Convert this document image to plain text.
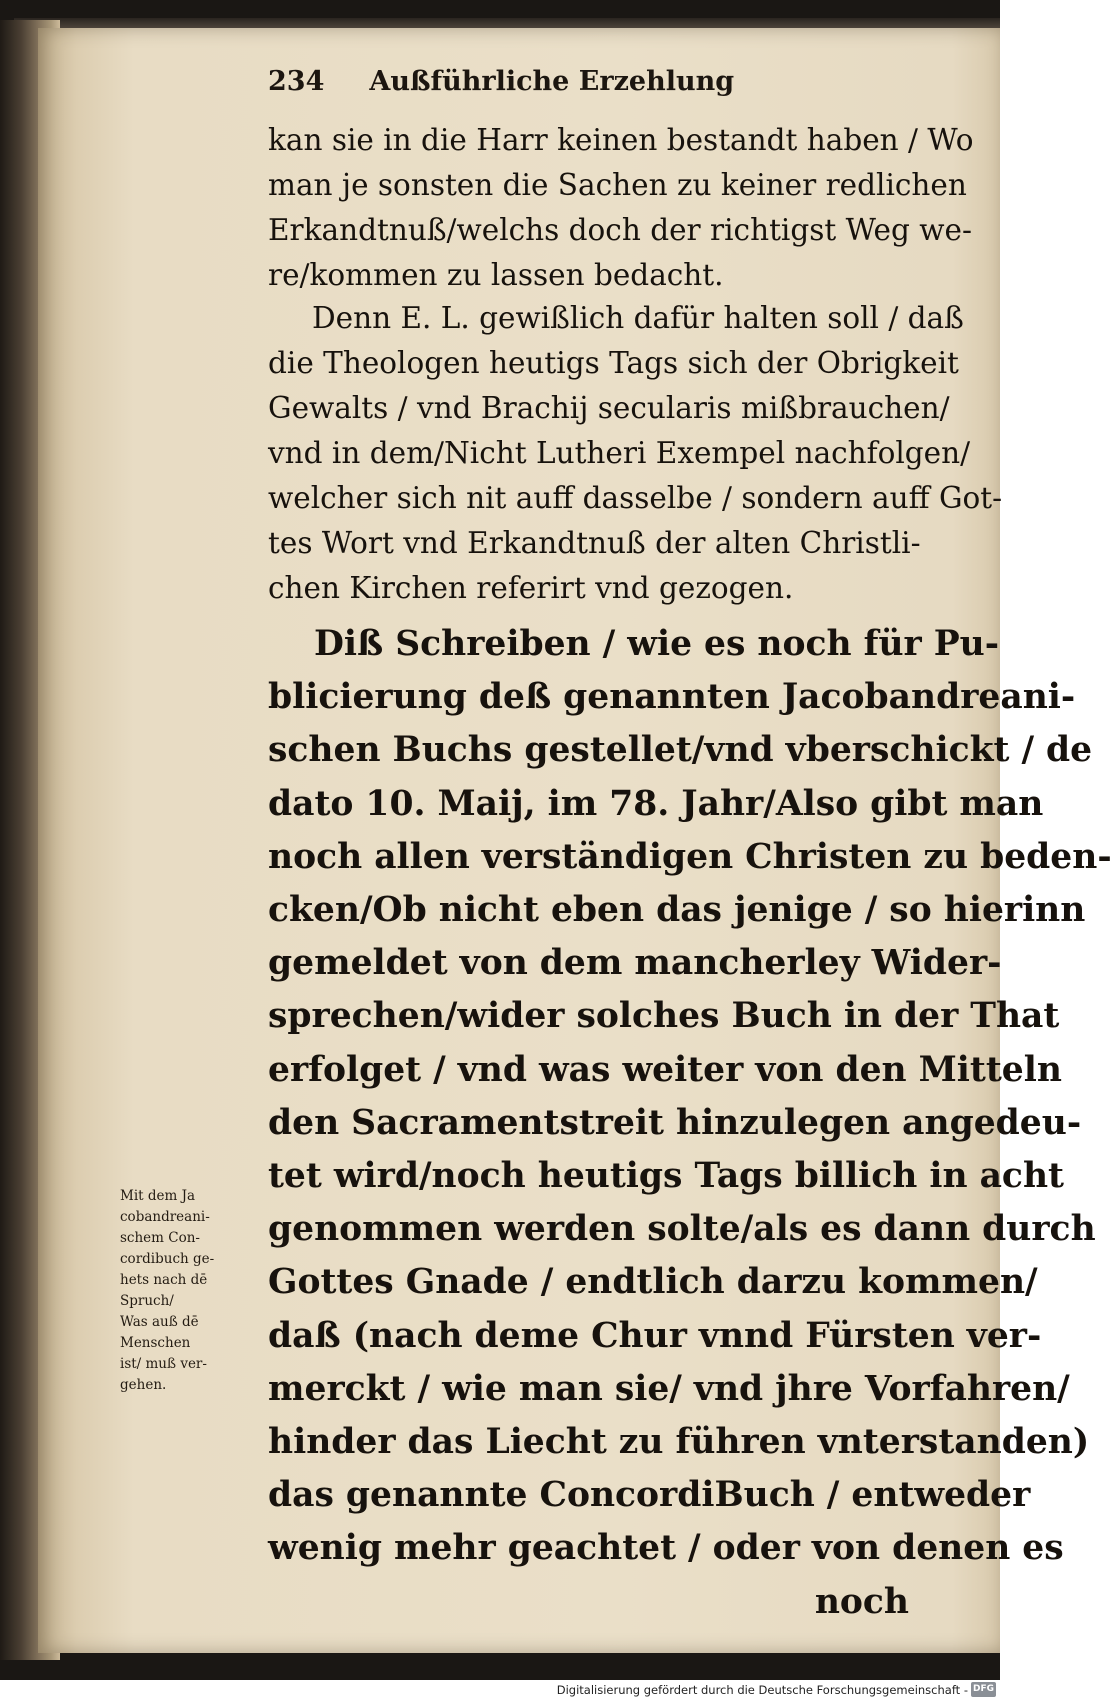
234 Außführliche Erzehlung
kan sie in die Harr keinen bestandt haben / Wo
man je sonsten die Sachen zu keiner redlichen
Erkandtnuß/welchs doch der richtigst Weg we-
re/kommen zu lassen bedacht.
Denn E. L. gewißlich dafür halten soll / daß
die Theologen heutigs Tags sich der Obrigkeit
Gewalts / vnd Brachij secularis mißbrauchen/
vnd in dem/Nicht Lutheri Exempel nachfolgen/
welcher sich nit auff dasselbe / sondern auff Got-
tes Wort vnd Erkandtnuß der alten Christli-
chen Kirchen referirt vnd gezogen.
Diß Schreiben / wie es noch für Pu-
blicierung deß genannten Jacobandreani-
schen Buchs gestellet/vnd vberschickt / de
dato 10. Maij, im 78. Jahr/Also gibt man
noch allen verständigen Christen zu beden-
cken/Ob nicht eben das jenige / so hierinn
gemeldet von dem mancherley Wider-
sprechen/wider solches Buch in der That
erfolget / vnd was weiter von den Mitteln
den Sacramentstreit hinzulegen angedeu-
tet wird/noch heutigs Tags billich in acht
genommen werden solte/als es dann durch
Gottes Gnade / endtlich darzu kommen/
daß (nach deme Chur vnnd Fürsten ver-
merckt / wie man sie/ vnd jhre Vorfahren/
hinder das Liecht zu führen vnterstanden)
das genannte ConcordiBuch / entweder
wenig mehr geachtet / oder von denen es
noch
Mit dem Ja
cobandreani-
schem Con-
cordibuch ge-
hets nach dē
Spruch/
Was auß dē
Menschen
ist/ muß ver-
gehen.
Digitalisierung gefördert durch die Deutsche Forschungsgemeinschaft - DFG
